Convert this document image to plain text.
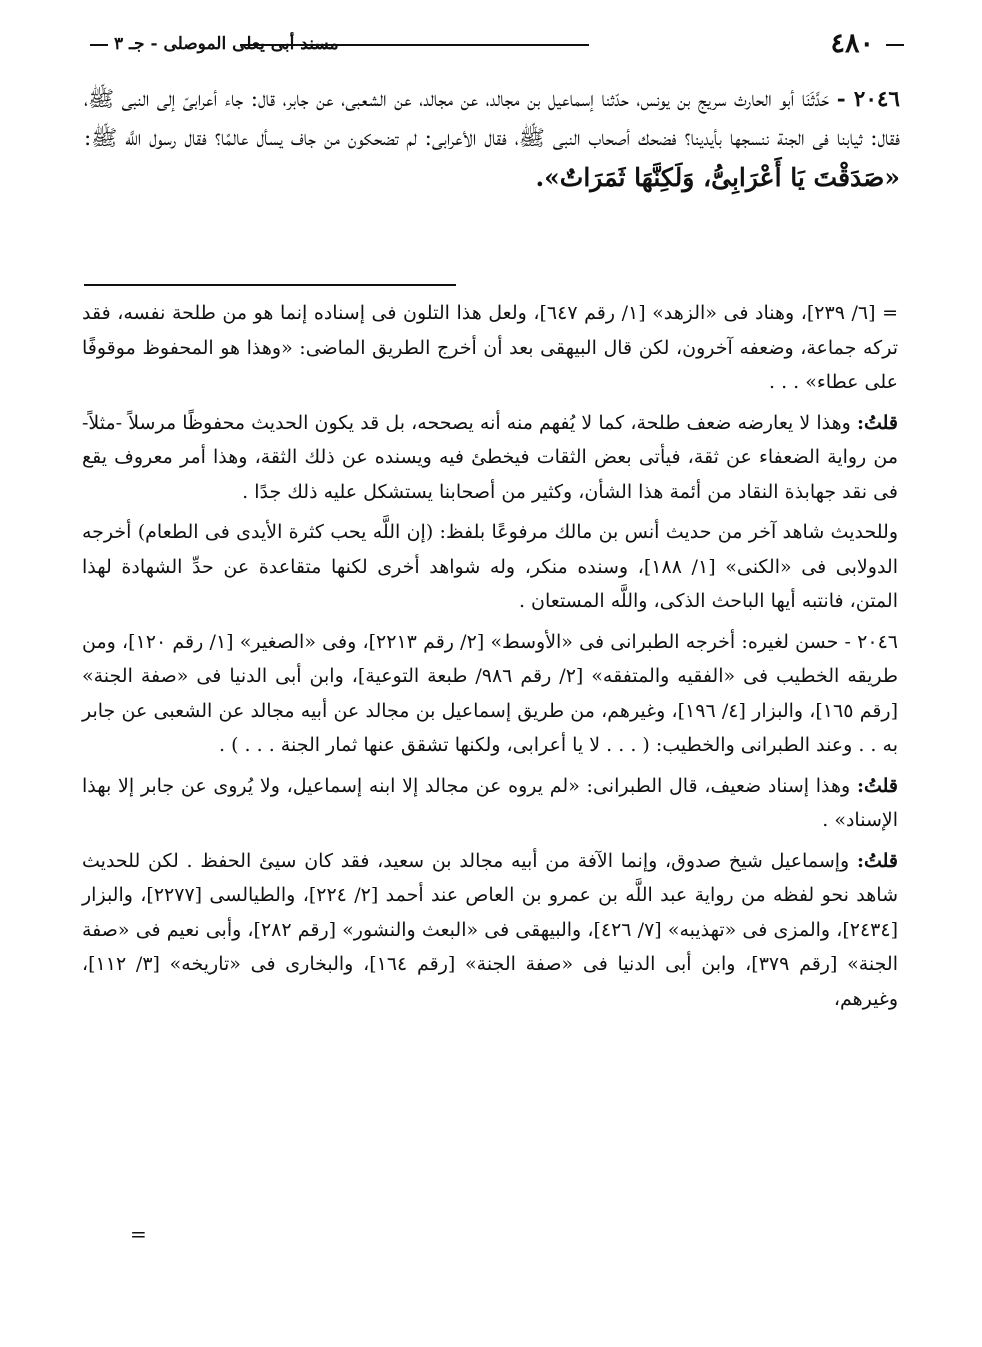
٤٨٠
مسند أبى يعلى الموصلى - جـ ٣

٢٠٤٦ - حَدَّثَنَا أبو الحارث سريج بن يونس، حدّثنا إسماعيل بن مجالد، عن مجالد، عن الشعبى، عن جابر، قال: جاء أعرابىّ إلى النبى ﷺ، فقال: ثيابنا فى الجنة ننسجها بأيدينا؟ فضحك أصحاب النبى ﷺ، فقال الأعرابى: لم تضحكون من جاف يسأل عالمًا؟ فقال رسول اللَّه ﷺ: «صَدَقْتَ يَا أَعْرَابِىُّ، وَلَكِنَّهَا ثَمَرَاتٌ».

= [٦/ ٢٣٩]، وهناد فى «الزهد» [١/ رقم ٦٤٧]، ولعل هذا التلون فى إسناده إنما هو من طلحة نفسه، فقد تركه جماعة، وضعفه آخرون، لكن قال البيهقى بعد أن أخرج الطريق الماضى: «وهذا هو المحفوظ موقوفًا على عطاء» . . .

قلتُ: وهذا لا يعارضه ضعف طلحة، كما لا يُفهم منه أنه يصححه، بل قد يكون الحديث محفوظًا مرسلاً -مثلاً- من رواية الضعفاء عن ثقة، فيأتى بعض الثقات فيخطئ فيه ويسنده عن ذلك الثقة، وهذا أمر معروف يقع فى نقد جهابذة النقاد من أئمة هذا الشأن، وكثير من أصحابنا يستشكل عليه ذلك جدًا .

وللحديث شاهد آخر من حديث أنس بن مالك مرفوعًا بلفظ: (إن اللَّه يحب كثرة الأيدى فى الطعام) أخرجه الدولابى فى «الكنى» [١/ ١٨٨]، وسنده منكر، وله شواهد أخرى لكنها متقاعدة عن حدِّ الشهادة لهذا المتن، فانتبه أيها الباحث الذكى، واللَّه المستعان .

٢٠٤٦ - حسن لغيره: أخرجه الطبرانى فى «الأوسط» [٢/ رقم ٢٢١٣]، وفى «الصغير» [١/ رقم ١٢٠]، ومن طريقه الخطيب فى «الفقيه والمتفقه» [٢/ رقم ٩٨٦/ طبعة التوعية]، وابن أبى الدنيا فى «صفة الجنة» [رقم ١٦٥]، والبزار [٤/ ١٩٦]، وغيرهم، من طريق إسماعيل بن مجالد عن أبيه مجالد عن الشعبى عن جابر به . . وعند الطبرانى والخطيب: ( . . . لا يا أعرابى، ولكنها تشقق عنها ثمار الجنة . . . ) .

قلتُ: وهذا إسناد ضعيف، قال الطبرانى: «لم يروه عن مجالد إلا ابنه إسماعيل، ولا يُروى عن جابر إلا بهذا الإسناد» .

قلتُ: وإسماعيل شيخ صدوق، وإنما الآفة من أبيه مجالد بن سعيد، فقد كان سيئ الحفظ . لكن للحديث شاهد نحو لفظه من رواية عبد اللَّه بن عمرو بن العاص عند أحمد [٢/ ٢٢٤]، والطيالسى [٢٢٧٧]، والبزار [٢٤٣٤]، والمزى فى «تهذيبه» [٧/ ٤٢٦]، والبيهقى فى «البعث والنشور» [رقم ٢٨٢]، وأبى نعيم فى «صفة الجنة» [رقم ٣٧٩]، وابن أبى الدنيا فى «صفة الجنة» [رقم ١٦٤]، والبخارى فى «تاريخه» [٣/ ١١٢]، وغيرهم،

=
